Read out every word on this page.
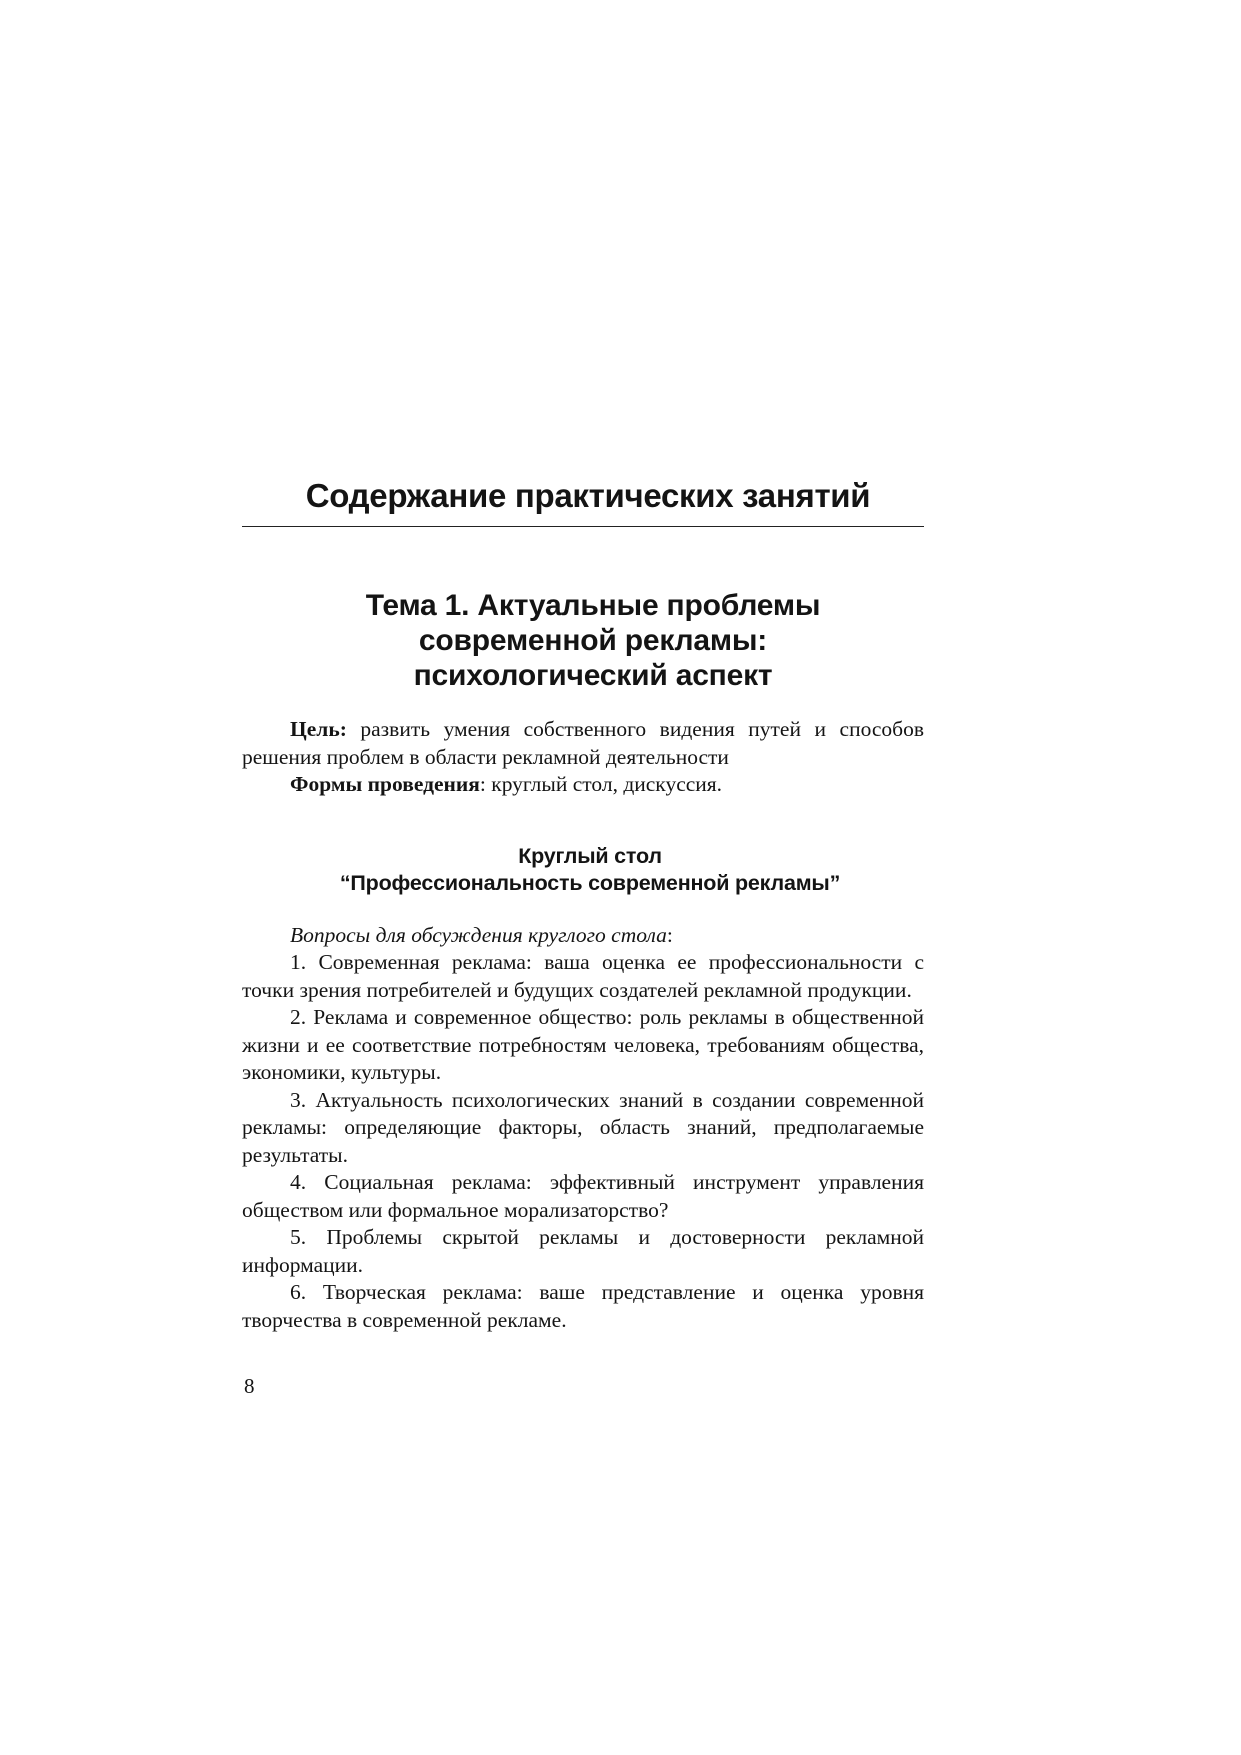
Содержание практических занятий
Тема 1. Актуальные проблемы
современной рекламы:
психологический аспект

Цель: развить умения собственного видения путей и способов решения проблем в области рекламной деятельности

Формы проведения: круглый стол, дискуссия.

Круглый стол
“Профессиональность современной рекламы”

Вопросы для обсуждения круглого стола:

1. Современная реклама: ваша оценка ее профессиональности с точки зрения потребителей и будущих создателей рекламной продукции.

2. Реклама и современное общество: роль рекламы в общественной жизни и ее соответствие потребностям человека, требованиям общества, экономики, культуры.

3. Актуальность психологических знаний в создании современной рекламы: определяющие факторы, область знаний, предполагаемые результаты.

4. Социальная реклама: эффективный инструмент управления обществом или формальное морализаторство?

5. Проблемы скрытой рекламы и достоверности рекламной информации.

6. Творческая реклама: ваше представление и оценка уровня творчества в современной рекламе.

8
